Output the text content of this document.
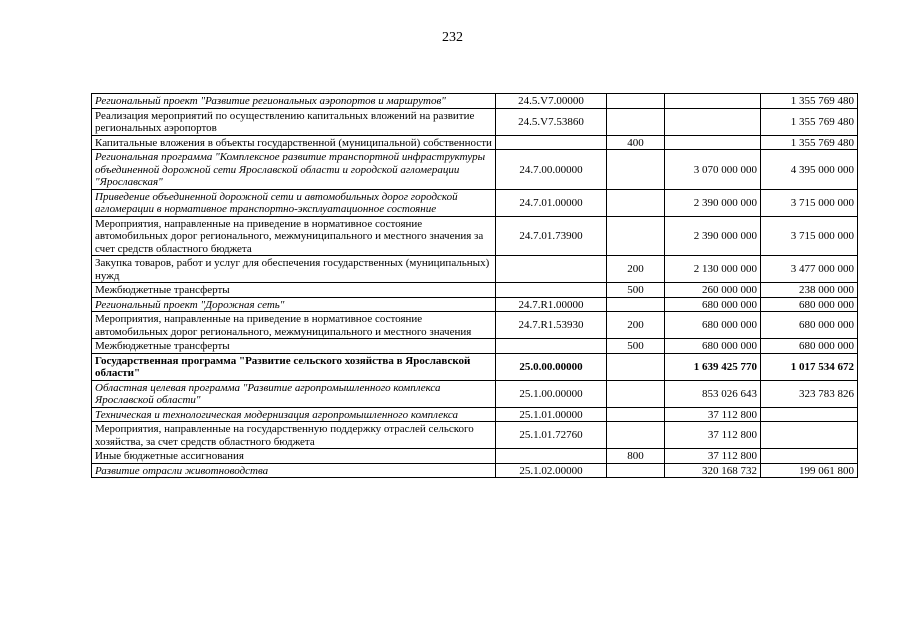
232
Региональный проект "Развитие региональных аэропортов и маршрутов"	24.5.V7.00000			1 355 769 480
Реализация мероприятий по осуществлению капитальных вложений на развитие региональных аэропортов	24.5.V7.53860			1 355 769 480
Капитальные вложения в объекты государственной (муниципальной) собственности		400		1 355 769 480
Региональная программа "Комплексное развитие транспортной инфраструктуры объединенной дорожной сети Ярославской области и городской агломерации "Ярославская"	24.7.00.00000		3 070 000 000	4 395 000 000
Приведение объединенной дорожной сети и автомобильных дорог городской агломерации в нормативное транспортно-эксплуатационное состояние	24.7.01.00000		2 390 000 000	3 715 000 000
Мероприятия, направленные на приведение в нормативное состояние автомобильных дорог регионального, межмуниципального и местного значения за счет средств областного бюджета	24.7.01.73900		2 390 000 000	3 715 000 000
Закупка товаров, работ и услуг для обеспечения государственных (муниципальных) нужд		200	2 130 000 000	3 477 000 000
Межбюджетные трансферты		500	260 000 000	238 000 000
Региональный проект "Дорожная сеть"	24.7.R1.00000		680 000 000	680 000 000
Мероприятия, направленные на приведение в нормативное состояние автомобильных дорог регионального, межмуниципального и местного значения	24.7.R1.53930	200	680 000 000	680 000 000
Межбюджетные трансферты		500	680 000 000	680 000 000
Государственная программа "Развитие сельского хозяйства в Ярославской области"	25.0.00.00000		1 639 425 770	1 017 534 672
Областная целевая программа "Развитие агропромышленного комплекса Ярославской области"	25.1.00.00000		853 026 643	323 783 826
Техническая и технологическая модернизация агропромышленного комплекса	25.1.01.00000		37 112 800	
Мероприятия, направленные на государственную поддержку отраслей сельского хозяйства, за счет средств областного бюджета	25.1.01.72760		37 112 800	
Иные бюджетные ассигнования		800	37 112 800	
Развитие отрасли животноводства	25.1.02.00000		320 168 732	199 061 800
